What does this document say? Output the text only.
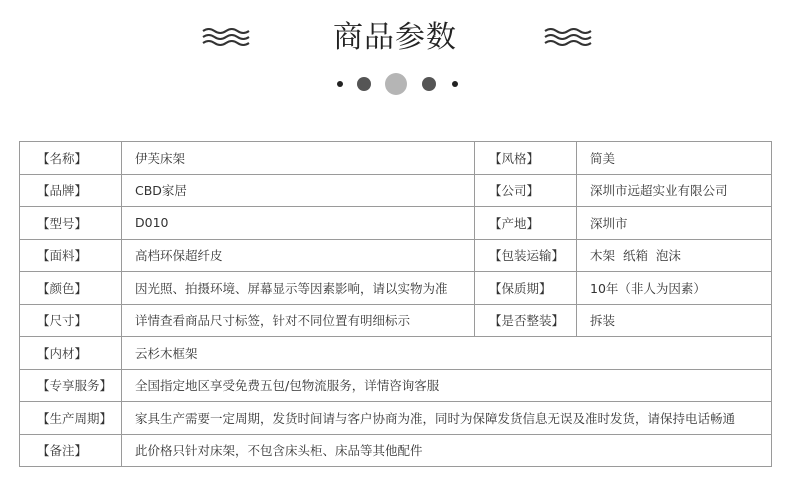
商品参数
【名称】	伊芙床架	【风格】	简美
【品牌】	CBD家居	【公司】	深圳市远超实业有限公司
【型号】	D010	【产地】	深圳市
【面料】	高档环保超纤皮	【包装运输】	木架  纸箱  泡沫
【颜色】	因光照、拍摄环境、屏幕显示等因素影响，请以实物为准	【保质期】	10年（非人为因素）
【尺寸】	详情查看商品尺寸标签，针对不同位置有明细标示	【是否整装】	拆装
【内材】	云杉木框架		
【专享服务】	全国指定地区享受免费五包/包物流服务，详情咨询客服		
【生产周期】	家具生产需要一定周期，发货时间请与客户协商为准，同时为保障发货信息无误及准时发货，请保持电话畅通		
【备注】	此价格只针对床架，不包含床头柜、床品等其他配件		
